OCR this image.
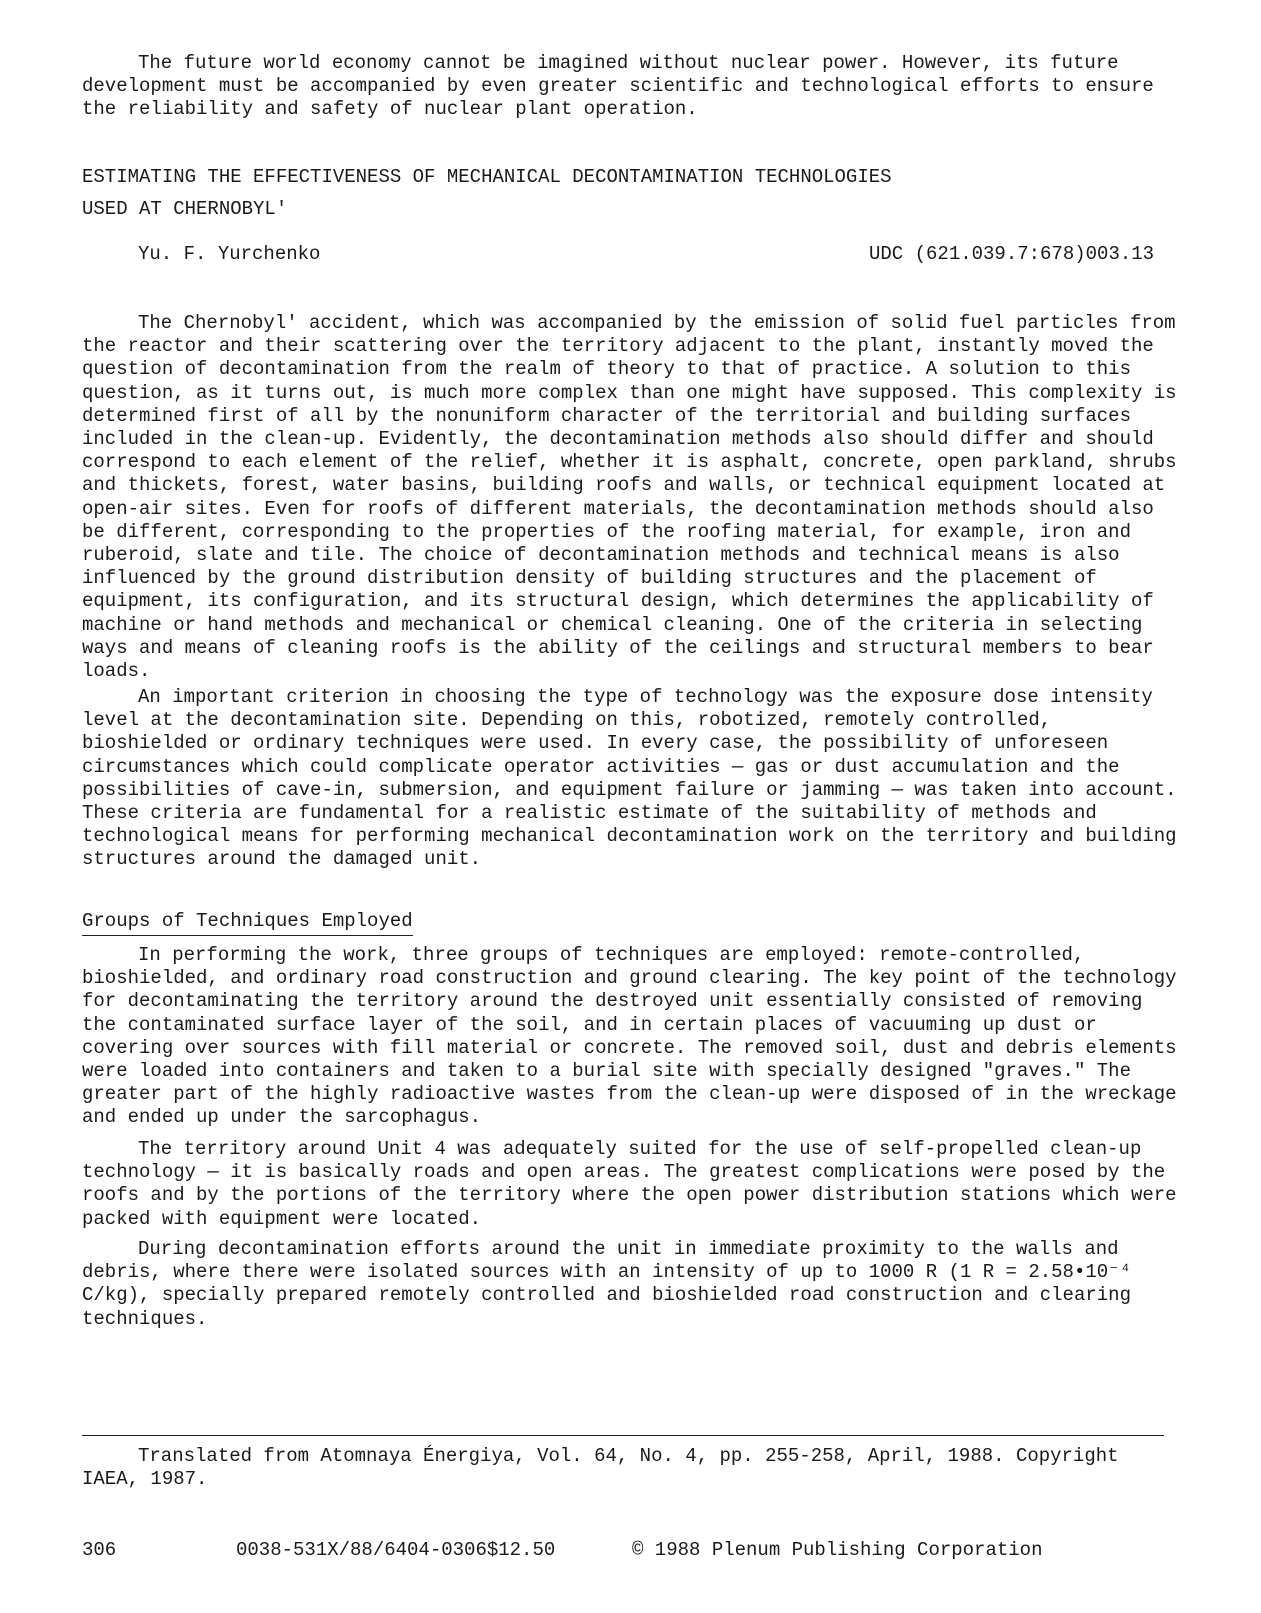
The future world economy cannot be imagined without nuclear power. However, its future development must be accompanied by even greater scientific and technological efforts to ensure the reliability and safety of nuclear plant operation.

ESTIMATING THE EFFECTIVENESS OF MECHANICAL DECONTAMINATION TECHNOLOGIES
USED AT CHERNOBYL'
Yu. F. Yurchenko	UDC (621.039.7:678)003.13

The Chernobyl' accident, which was accompanied by the emission of solid fuel particles from the reactor and their scattering over the territory adjacent to the plant, instantly moved the question of decontamination from the realm of theory to that of practice. A solution to this question, as it turns out, is much more complex than one might have supposed. This complexity is determined first of all by the nonuniform character of the territorial and building surfaces included in the clean-up. Evidently, the decontamination methods also should differ and should correspond to each element of the relief, whether it is asphalt, concrete, open parkland, shrubs and thickets, forest, water basins, building roofs and walls, or technical equipment located at open-air sites. Even for roofs of different materials, the decontamination methods should also be different, corresponding to the properties of the roofing material, for example, iron and ruberoid, slate and tile. The choice of decontamination methods and technical means is also influenced by the ground distribution density of building structures and the placement of equipment, its configuration, and its structural design, which determines the applicability of machine or hand methods and mechanical or chemical cleaning. One of the criteria in selecting ways and means of cleaning roofs is the ability of the ceilings and structural members to bear loads.

An important criterion in choosing the type of technology was the exposure dose intensity level at the decontamination site. Depending on this, robotized, remotely controlled, bioshielded or ordinary techniques were used. In every case, the possibility of unforeseen circumstances which could complicate operator activities — gas or dust accumulation and the possibilities of cave-in, submersion, and equipment failure or jamming — was taken into account. These criteria are fundamental for a realistic estimate of the suitability of methods and technological means for performing mechanical decontamination work on the territory and building structures around the damaged unit.

Groups of Techniques Employed

In performing the work, three groups of techniques are employed: remote-controlled, bioshielded, and ordinary road construction and ground clearing. The key point of the technology for decontaminating the territory around the destroyed unit essentially consisted of removing the contaminated surface layer of the soil, and in certain places of vacuuming up dust or covering over sources with fill material or concrete. The removed soil, dust and debris elements were loaded into containers and taken to a burial site with specially designed "graves." The greater part of the highly radioactive wastes from the clean-up were disposed of in the wreckage and ended up under the sarcophagus.

The territory around Unit 4 was adequately suited for the use of self-propelled clean-up technology — it is basically roads and open areas. The greatest complications were posed by the roofs and by the portions of the territory where the open power distribution stations which were packed with equipment were located.

During decontamination efforts around the unit in immediate proximity to the walls and debris, where there were isolated sources with an intensity of up to 1000 R (1 R = 2.58•10⁻⁴ C/kg), specially prepared remotely controlled and bioshielded road construction and clearing techniques.

Translated from Atomnaya Énergiya, Vol. 64, No. 4, pp. 255-258, April, 1988. Copyright IAEA, 1987.

306	0038-531X/88/6404-0306$12.50	© 1988 Plenum Publishing Corporation
